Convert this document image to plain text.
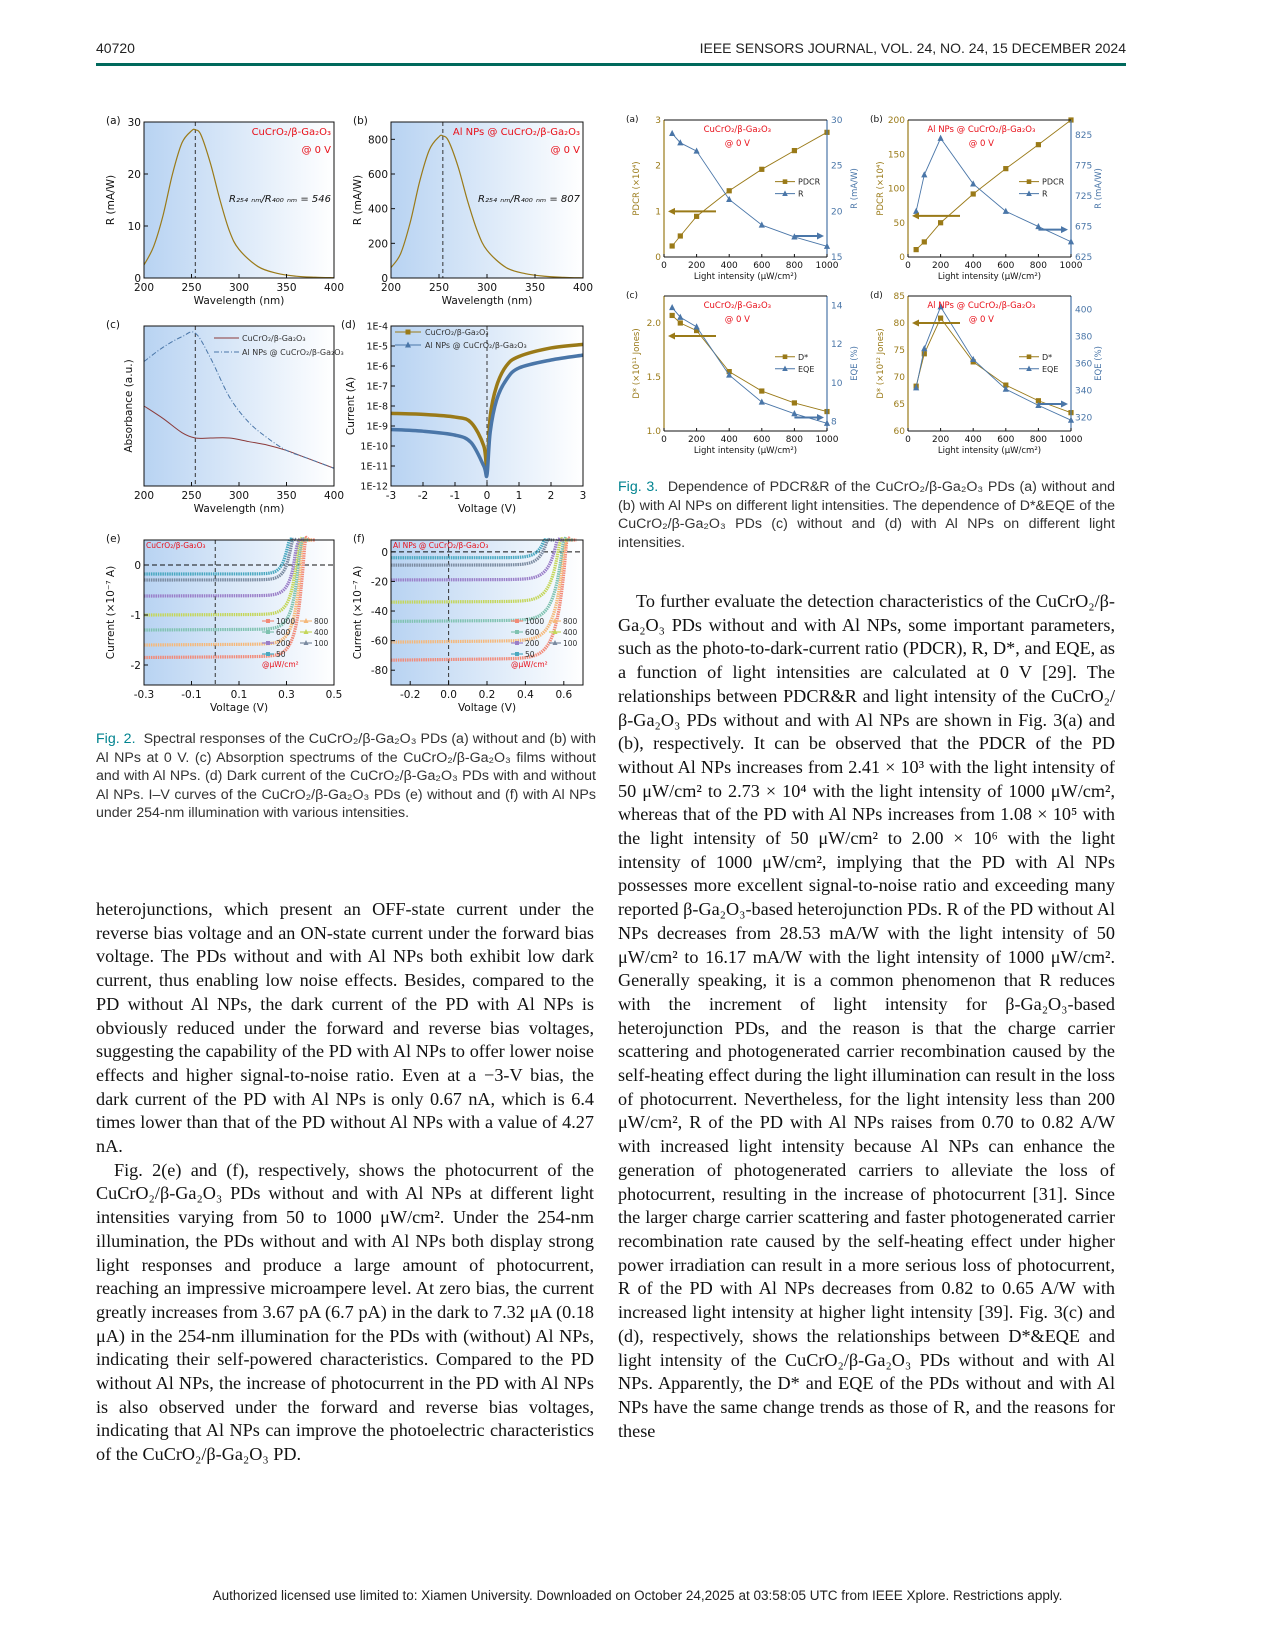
40720	IEEE SENSORS JOURNAL, VOL. 24, NO. 24, 15 DECEMBER 2024
200	250	300	350	400
Wavelength (nm)
0
10
20
30
R (mA/W)
(a)
CuCrO₂/β-Ga₂O₃
@ 0 V
R₂₅₄ ₙₘ/R₄₀₀ ₙₘ = 546
200	250	300	350	400
Wavelength (nm)
0
200
400
600
800
R (mA/W)
(b)
Al NPs @ CuCrO₂/β-Ga₂O₃
@ 0 V
R₂₅₄ ₙₘ/R₄₀₀ ₙₘ = 807
CuCrO₂/β-Ga₂O₃
Al NPs @ CuCrO₂/β-Ga₂O₃
200	250	300	350	400
Wavelength (nm)
Absorbance (a.u.)
(c)
CuCrO₂/β-Ga₂O₃
Al NPs @ CuCrO₂/β-Ga₂O₃
-3 -2 -1 0 1 2 3
Voltage (V)
1E-12
1E-11
1E-10
1E-9
1E-8
1E-7
1E-6
1E-5
1E-4
Current (A)
(d)
-0.3	-0.1	0.1	0.3	0.5
Voltage (V)
-2
-1
0
Current (×10⁻⁷ A)
(e)
CuCrO₂/β-Ga₂O₃
1000	800
600	400
200	100
50
@μW/cm²
-0.2 0.0 0.2 0.4 0.6
Voltage (V)
-80
-60
-40
-20
0
Current (×10⁻⁷ A)
(f)
Al NPs @ CuCrO₂/β-Ga₂O₃
1000	800
600	400
200	100
50
@μW/cm²
Fig. 2. Spectral responses of the CuCrO₂/β-Ga₂O₃ PDs (a) without and (b) with Al NPs at 0 V. (c) Absorption spectrums of the CuCrO₂/β-Ga₂O₃ films without and with Al NPs. (d) Dark current of the CuCrO₂/β-Ga₂O₃ PDs with and without Al NPs. I–V curves of the CuCrO₂/β-Ga₂O₃ PDs (e) without and (f) with Al NPs under 254-nm illumination with various intensities.
0 200 400 600 800 1000
Light intensity (μW/cm²)
0
1
2
3
15
20
25
30
PDCR (×10⁴)	R (mA/W)
CuCrO₂/β-Ga₂O₃
@ 0 V
PDCR
R
(a)
0 200 400 600 800 1000
Light intensity (μW/cm²)
0
50
100
150
200
625
675
725
775
825
PDCR (×10⁴)	R (mA/W)
Al NPs @ CuCrO₂/β-Ga₂O₃
@ 0 V
PDCR
R
(b)
0 200 400 600 800 1000
Light intensity (μW/cm²)
1.0
1.5
2.0
8
10
12
14
D* (×10¹¹ Jones)	EQE (%)
CuCrO₂/β-Ga₂O₃
@ 0 V
D*
EQE
(c)
0 200 400 600 800 1000
Light intensity (μW/cm²)
60
65
70
75
80
85
320
340
360
380
400
D* (×10¹² Jones)	EQE (%)
Al NPs @ CuCrO₂/β-Ga₂O₃
@ 0 V
D*
EQE
(d)
Fig. 3. Dependence of PDCR&R of the CuCrO₂/β-Ga₂O₃ PDs (a) without and (b) with Al NPs on different light intensities. The dependence of D*&EQE of the CuCrO₂/β-Ga₂O₃ PDs (c) without and (d) with Al NPs on different light intensities.

heterojunctions, which present an OFF-state current under the reverse bias voltage and an ON-state current under the forward bias voltage. The PDs without and with Al NPs both exhibit low dark current, thus enabling low noise effects. Besides, compared to the PD without Al NPs, the dark current of the PD with Al NPs is obviously reduced under the forward and reverse bias voltages, suggesting the capability of the PD with Al NPs to offer lower noise effects and higher signal-to-noise ratio. Even at a −3-V bias, the dark current of the PD with Al NPs is only 0.67 nA, which is 6.4 times lower than that of the PD without Al NPs with a value of 4.27 nA.

Fig. 2(e) and (f), respectively, shows the photocurrent of the CuCrO₂/β-Ga₂O₃ PDs without and with Al NPs at different light intensities varying from 50 to 1000 μW/cm². Under the 254-nm illumination, the PDs without and with Al NPs both display strong light responses and produce a large amount of photocurrent, reaching an impressive microampere level. At zero bias, the current greatly increases from 3.67 pA (6.7 pA) in the dark to 7.32 μA (0.18 μA) in the 254-nm illumination for the PDs with (without) Al NPs, indicating their self-powered characteristics. Compared to the PD without Al NPs, the increase of photocurrent in the PD with Al NPs is also observed under the forward and reverse bias voltages, indicating that Al NPs can improve the photoelectric characteristics of the CuCrO₂/β-Ga₂O₃ PD.

To further evaluate the detection characteristics of the CuCrO₂/β-Ga₂O₃ PDs without and with Al NPs, some important parameters, such as the photo-to-dark-current ratio (PDCR), R, D*, and EQE, as a function of light intensities are calculated at 0 V [29]. The relationships between PDCR&R and light intensity of the CuCrO₂/β-Ga₂O₃ PDs without and with Al NPs are shown in Fig. 3(a) and (b), respectively. It can be observed that the PDCR of the PD without Al NPs increases from 2.41 × 10³ with the light intensity of 50 μW/cm² to 2.73 × 10⁴ with the light intensity of 1000 μW/cm², whereas that of the PD with Al NPs increases from 1.08 × 10⁵ with the light intensity of 50 μW/cm² to 2.00 × 10⁶ with the light intensity of 1000 μW/cm², implying that the PD with Al NPs possesses more excellent signal-to-noise ratio and exceeding many reported β-Ga₂O₃-based heterojunction PDs. R of the PD without Al NPs decreases from 28.53 mA/W with the light intensity of 50 μW/cm² to 16.17 mA/W with the light intensity of 1000 μW/cm². Generally speaking, it is a common phenomenon that R reduces with the increment of light intensity for β-Ga₂O₃-based heterojunction PDs, and the reason is that the charge carrier scattering and photogenerated carrier recombination caused by the self-heating effect during the light illumination can result in the loss of photocurrent. Nevertheless, for the light intensity less than 200 μW/cm², R of the PD with Al NPs raises from 0.70 to 0.82 A/W with increased light intensity because Al NPs can enhance the generation of photogenerated carriers to alleviate the loss of photocurrent, resulting in the increase of photocurrent [31]. Since the larger charge carrier scattering and faster photogenerated carrier recombination rate caused by the self-heating effect under higher power irradiation can result in a more serious loss of photocurrent, R of the PD with Al NPs decreases from 0.82 to 0.65 A/W with increased light intensity at higher light intensity [39]. Fig. 3(c) and (d), respectively, shows the relationships between D*&EQE and light intensity of the CuCrO₂/β-Ga₂O₃ PDs without and with Al NPs. Apparently, the D* and EQE of the PDs without and with Al NPs have the same change trends as those of R, and the reasons for these

Authorized licensed use limited to: Xiamen University. Downloaded on October 24,2025 at 03:58:05 UTC from IEEE Xplore. Restrictions apply.
